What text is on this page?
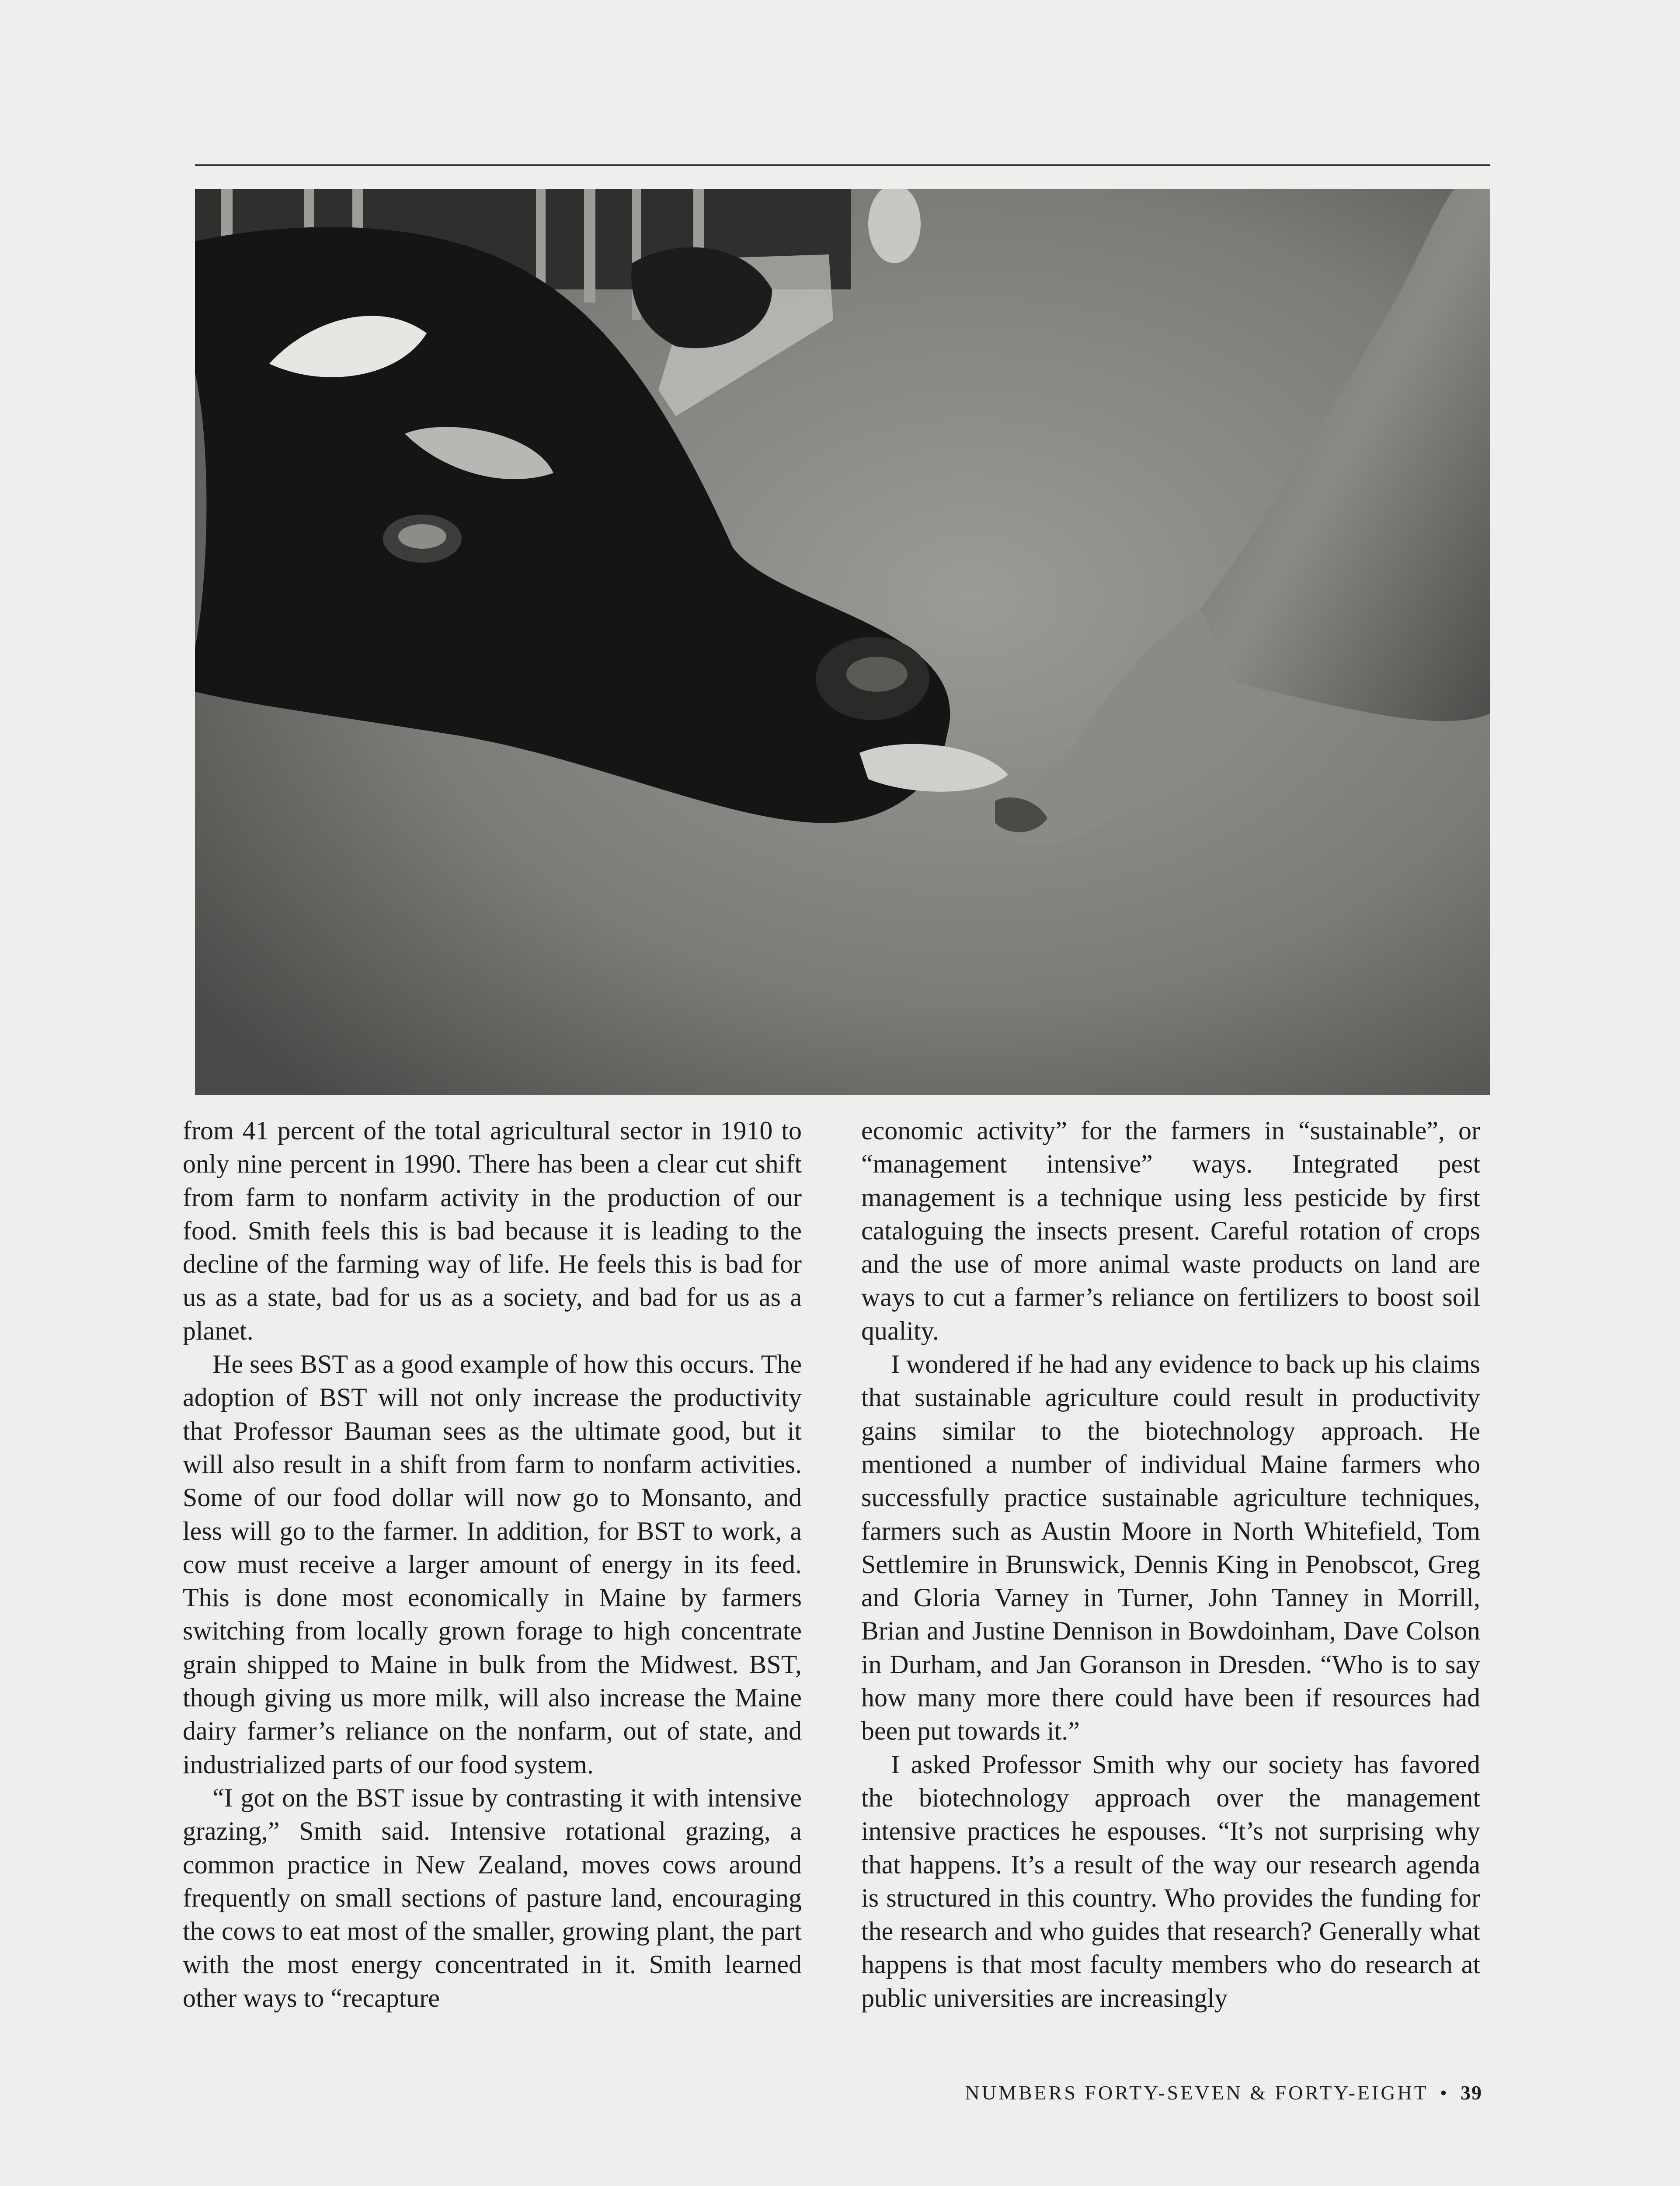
from 41 percent of the total agricultural sector in 1910 to only nine percent in 1990. There has been a clear cut shift from farm to nonfarm activity in the production of our food. Smith feels this is bad because it is leading to the decline of the farming way of life. He feels this is bad for us as a state, bad for us as a society, and bad for us as a planet.

He sees BST as a good example of how this occurs. The adoption of BST will not only increase the productivity that Professor Bauman sees as the ultimate good, but it will also result in a shift from farm to nonfarm activities. Some of our food dollar will now go to Monsanto, and less will go to the farmer. In addition, for BST to work, a cow must receive a larger amount of energy in its feed. This is done most economically in Maine by farmers switching from locally grown forage to high concentrate grain shipped to Maine in bulk from the Midwest. BST, though giving us more milk, will also increase the Maine dairy farmer’s reliance on the nonfarm, out of state, and industrialized parts of our food system.

“I got on the BST issue by contrasting it with intensive grazing,” Smith said. Intensive rotational grazing, a common practice in New Zealand, moves cows around frequently on small sections of pasture land, encouraging the cows to eat most of the smaller, growing plant, the part with the most energy concentrated in it. Smith learned other ways to “recapture

economic activity” for the farmers in “sustainable”, or “management intensive” ways. Integrated pest management is a technique using less pesticide by first cataloguing the insects present. Careful rotation of crops and the use of more animal waste products on land are ways to cut a farmer’s reliance on fertilizers to boost soil quality.

I wondered if he had any evidence to back up his claims that sustainable agriculture could result in productivity gains similar to the biotechnology approach. He mentioned a number of individual Maine farmers who successfully practice sustainable agriculture techniques, farmers such as Austin Moore in North Whitefield, Tom Settlemire in Brunswick, Dennis King in Penobscot, Greg and Gloria Varney in Turner, John Tanney in Morrill, Brian and Justine Dennison in Bowdoinham, Dave Colson in Durham, and Jan Goranson in Dresden. “Who is to say how many more there could have been if resources had been put towards it.”

I asked Professor Smith why our society has favored the biotechnology approach over the management intensive practices he espouses. “It’s not surprising why that happens. It’s a result of the way our research agenda is structured in this country. Who provides the funding for the research and who guides that research? Generally what happens is that most faculty members who do research at public universities are increasingly

NUMBERS FORTY-SEVEN & FORTY-EIGHT • 39
